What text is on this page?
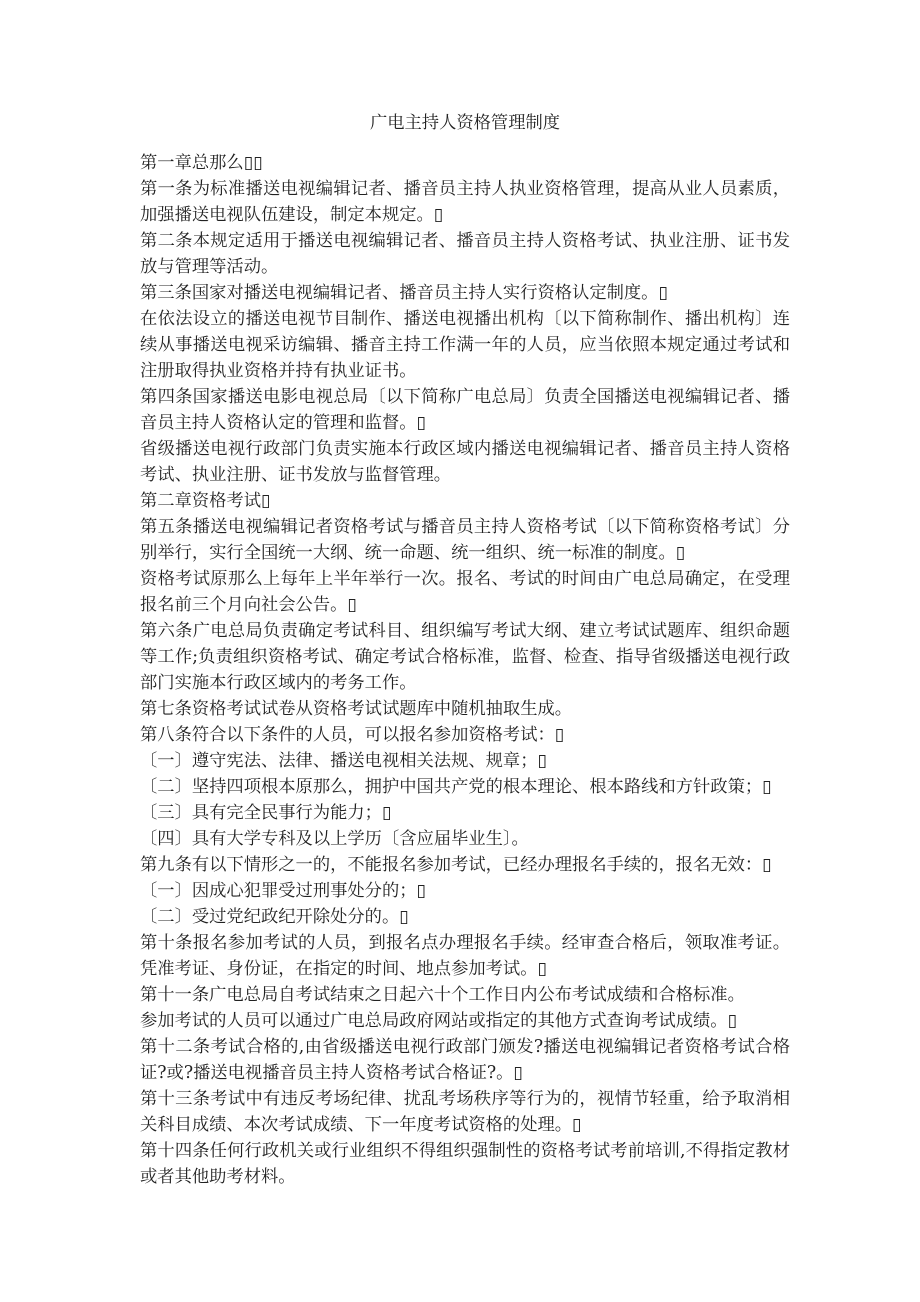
广电主持人资格管理制度

第一章总那么▯▯

第一条为标准播送电视编辑记者、播音员主持人执业资格管理，提高从业人员素质，加强播送电视队伍建设，制定本规定。▯

第二条本规定适用于播送电视编辑记者、播音员主持人资格考试、执业注册、证书发放与管理等活动。

第三条国家对播送电视编辑记者、播音员主持人实行资格认定制度。▯

在依法设立的播送电视节目制作、播送电视播出机构〔以下简称制作、播出机构〕连续从事播送电视采访编辑、播音主持工作满一年的人员，应当依照本规定通过考试和注册取得执业资格并持有执业证书。

第四条国家播送电影电视总局〔以下简称广电总局〕负责全国播送电视编辑记者、播音员主持人资格认定的管理和监督。▯

省级播送电视行政部门负责实施本行政区域内播送电视编辑记者、播音员主持人资格考试、执业注册、证书发放与监督管理。

第二章资格考试▯

第五条播送电视编辑记者资格考试与播音员主持人资格考试〔以下简称资格考试〕分别举行，实行全国统一大纲、统一命题、统一组织、统一标准的制度。▯

资格考试原那么上每年上半年举行一次。报名、考试的时间由广电总局确定，在受理报名前三个月向社会公告。▯

第六条广电总局负责确定考试科目、组织编写考试大纲、建立考试试题库、组织命题等工作;负责组织资格考试、确定考试合格标准，监督、检查、指导省级播送电视行政部门实施本行政区域内的考务工作。

第七条资格考试试卷从资格考试试题库中随机抽取生成。

第八条符合以下条件的人员，可以报名参加资格考试：▯

〔一〕遵守宪法、法律、播送电视相关法规、规章；▯

〔二〕坚持四项根本原那么，拥护中国共产党的根本理论、根本路线和方针政策；▯

〔三〕具有完全民事行为能力；▯

〔四〕具有大学专科及以上学历〔含应届毕业生〕。

第九条有以下情形之一的，不能报名参加考试，已经办理报名手续的，报名无效：▯

〔一〕因成心犯罪受过刑事处分的；▯

〔二〕受过党纪政纪开除处分的。▯

第十条报名参加考试的人员，到报名点办理报名手续。经审查合格后，领取准考证。凭准考证、身份证，在指定的时间、地点参加考试。▯

第十一条广电总局自考试结束之日起六十个工作日内公布考试成绩和合格标准。

参加考试的人员可以通过广电总局政府网站或指定的其他方式查询考试成绩。▯

第十二条考试合格的,由省级播送电视行政部门颁发?播送电视编辑记者资格考试合格证?或?播送电视播音员主持人资格考试合格证?。▯

第十三条考试中有违反考场纪律、扰乱考场秩序等行为的，视情节轻重，给予取消相关科目成绩、本次考试成绩、下一年度考试资格的处理。▯

第十四条任何行政机关或行业组织不得组织强制性的资格考试考前培训,不得指定教材或者其他助考材料。
